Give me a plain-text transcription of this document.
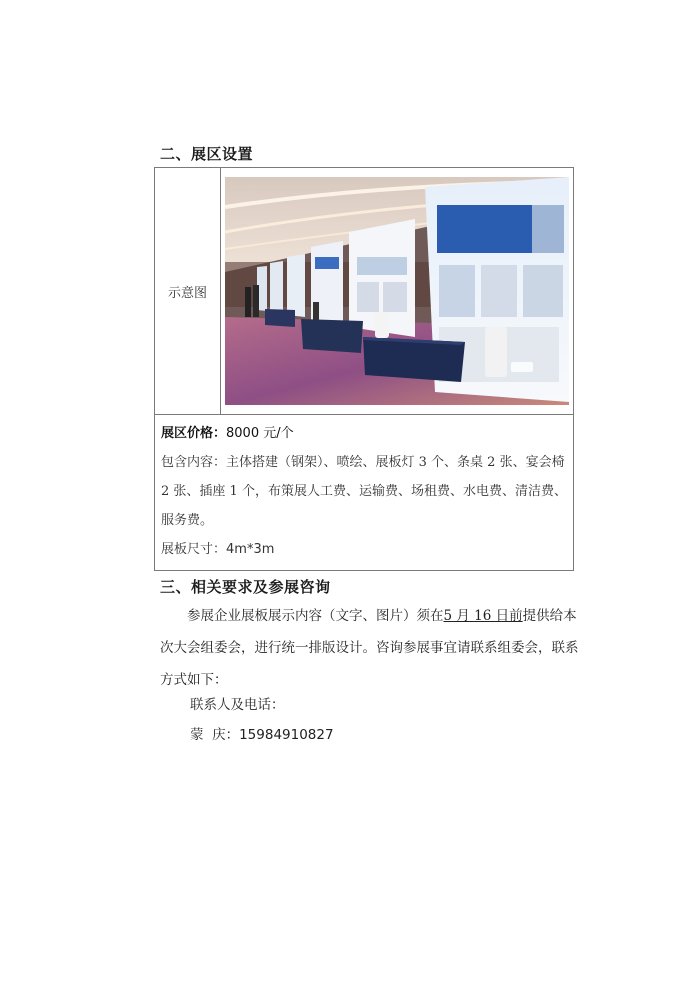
二、展区设置
示意图	

展区价格：8000 元/个
包含内容：主体搭建（钢架）、喷绘、展板灯 3 个、条桌 2 张、宴会椅 2 张、插座 1 个，布策展人工费、运输费、场租费、水电费、清洁费、服务费。
展板尺寸：4m*3m
三、相关要求及参展咨询
参展企业展板展示内容（文字、图片）须在5 月 16 日前提供给本次大会组委会，进行统一排版设计。咨询参展事宜请联系组委会，联系方式如下：
联系人及电话：
蒙  庆：15984910827
